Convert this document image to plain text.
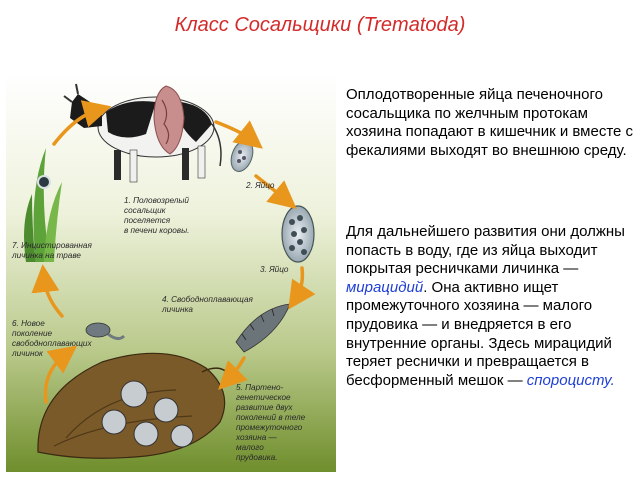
Класс Сосальщики (Trematoda)
1. Половозрелый сосальщик поселяется в печени коровы.
2. Яйцо
3. Яйцо
4. Свободноплавающая личинка
5. Партено- генетическое развитие двух поколений в теле промежуточного хозяина — малого прудовика.
6. Новое поколение свободноплавающих личинок
7. Инцистированная личинка на траве

Оплодотворенные яйца печеночного сосальщика по желчным протокам хозяина попадают в кишечник и вместе с фекалиями выходят во внешнюю среду.

Для дальнейшего развития они должны попасть в воду, где из яйца выходит покрытая ресничками личинка — мирацидий. Она активно ищет промежуточного хозяина — малого прудовика — и внедряется в его внутренние органы. Здесь мирацидий теряет реснички и превращается в бесформенный мешок — спороцисту.
